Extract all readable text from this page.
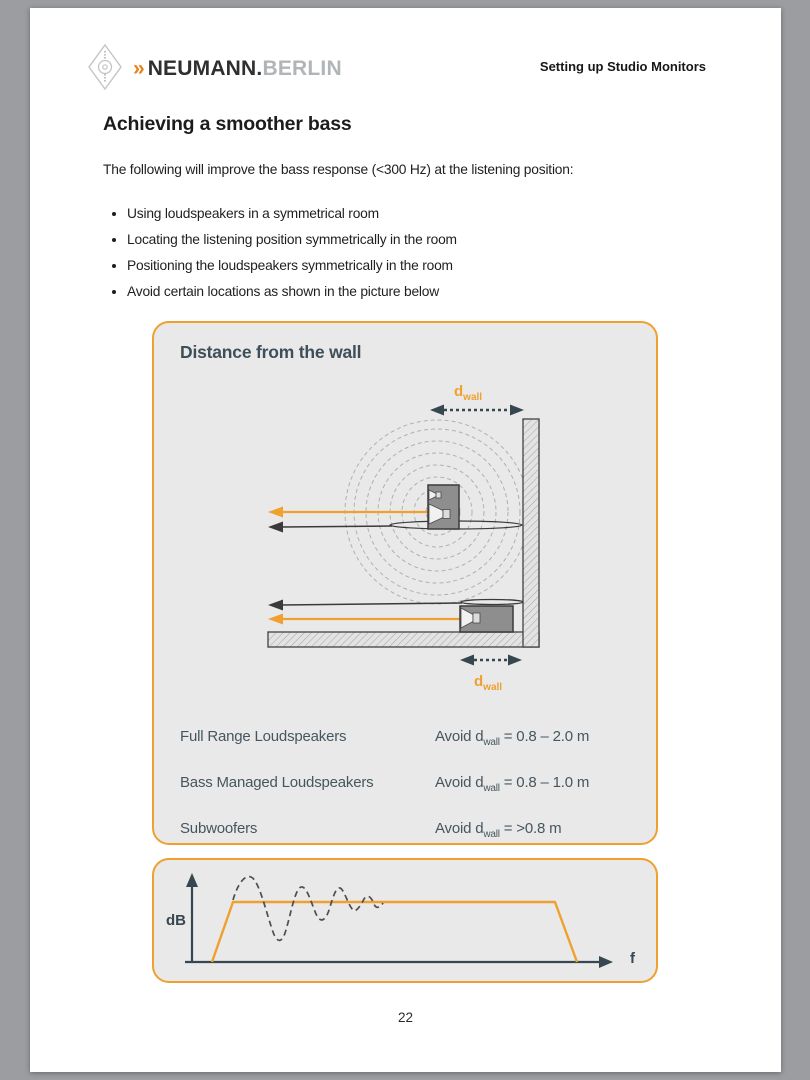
» NEUMANN. BERLIN	Setting up Studio Monitors
Achieving a smoother bass
The following will improve the bass response (<300 Hz) at the listening position:
• Using loudspeakers in a symmetrical room
• Locating the listening position symmetrically in the room
• Positioning the loudspeakers symmetrically in the room
• Avoid certain locations as shown in the picture below
Distance from the wall
$d_{wall}$
$d_{wall}$
Full Range Loudspeakers	Avoid $d_{wall} = 0.8 - 2.0$ m
Bass Managed Loudspeakers	Avoid $d_{wall} = 0.8 - 1.0$ m
Subwoofers	Avoid $d_{wall} = >0.8$ m
dB
f
22
